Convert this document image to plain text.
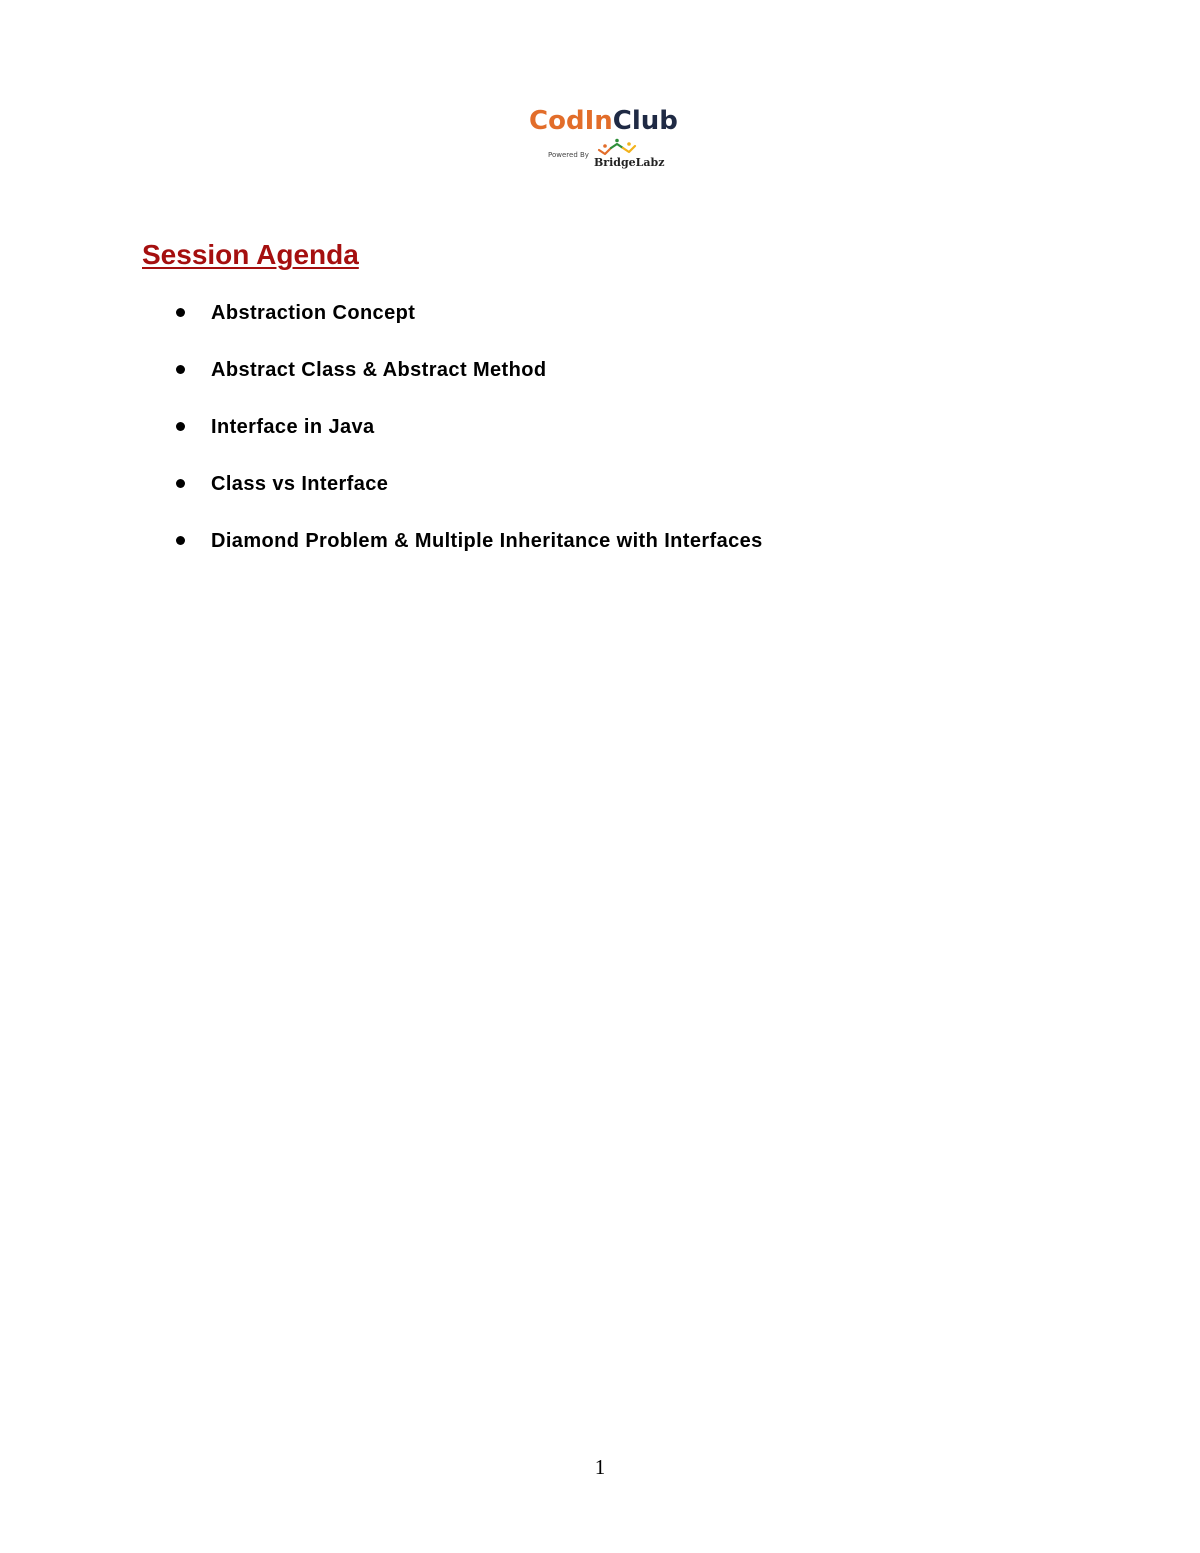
CodInClub
Powered By
BridgeLabz
Session Agenda
Abstraction Concept
Abstract Class & Abstract Method
Interface in Java
Class vs Interface
Diamond Problem & Multiple Inheritance with Interfaces
1
